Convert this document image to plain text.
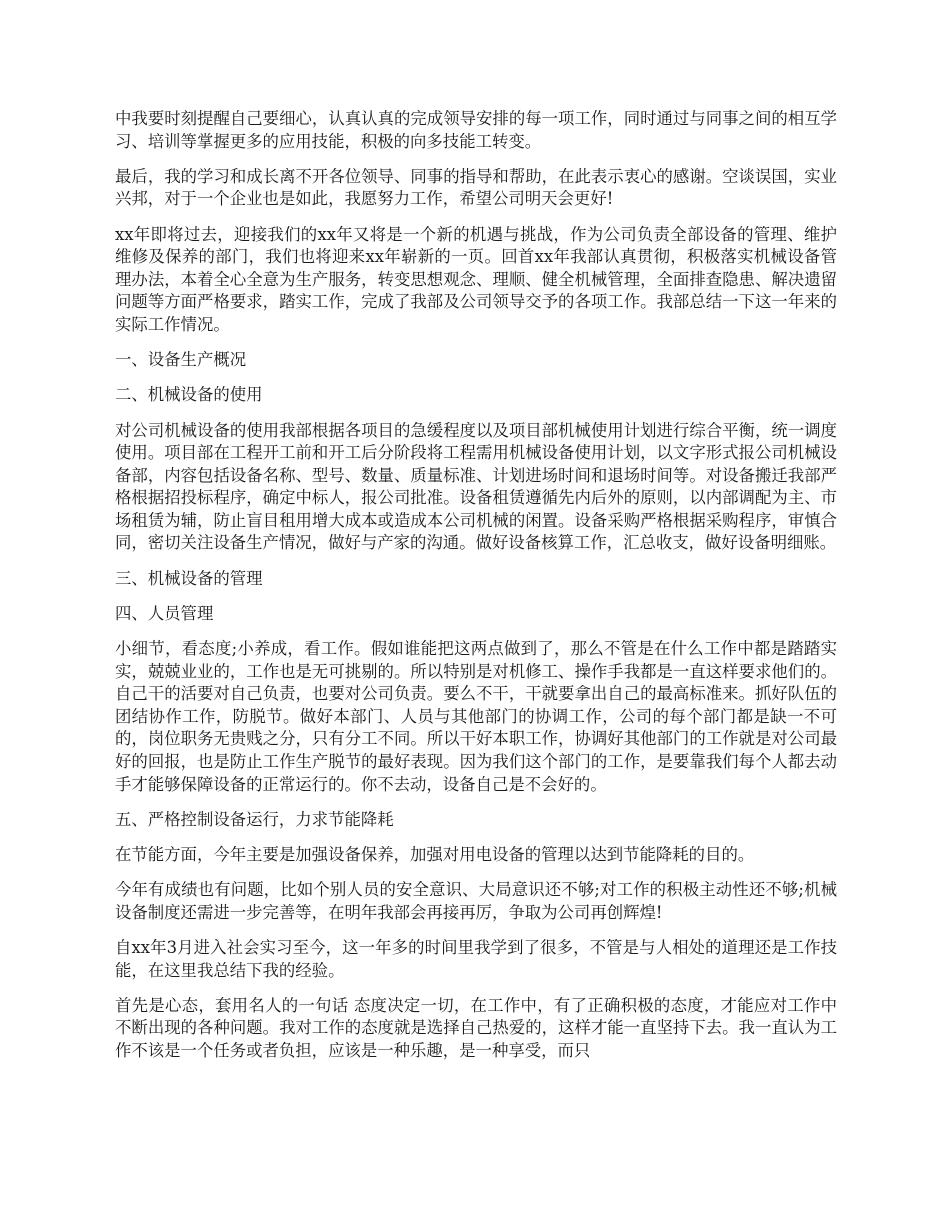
中我要时刻提醒自己要细心，认真认真的完成领导安排的每一项工作，同时通过与同事之间的相互学习、培训等掌握更多的应用技能，积极的向多技能工转变。

最后，我的学习和成长离不开各位领导、同事的指导和帮助，在此表示衷心的感谢。空谈误国，实业兴邦，对于一个企业也是如此，我愿努力工作，希望公司明天会更好!

xx年即将过去，迎接我们的xx年又将是一个新的机遇与挑战，作为公司负责全部设备的管理、维护维修及保养的部门，我们也将迎来xx年崭新的一页。回首xx年我部认真贯彻，积极落实机械设备管理办法，本着全心全意为生产服务，转变思想观念、理顺、健全机械管理，全面排查隐患、解决遗留问题等方面严格要求，踏实工作，完成了我部及公司领导交予的各项工作。我部总结一下这一年来的实际工作情况。

一、设备生产概况

二、机械设备的使用

对公司机械设备的使用我部根据各项目的急缓程度以及项目部机械使用计划进行综合平衡，统一调度使用。项目部在工程开工前和开工后分阶段将工程需用机械设备使用计划，以文字形式报公司机械设备部，内容包括设备名称、型号、数量、质量标准、计划进场时间和退场时间等。对设备搬迁我部严格根据招投标程序，确定中标人，报公司批准。设备租赁遵循先内后外的原则，以内部调配为主、市场租赁为辅，防止盲目租用增大成本或造成本公司机械的闲置。设备采购严格根据采购程序，审慎合同，密切关注设备生产情况，做好与产家的沟通。做好设备核算工作，汇总收支，做好设备明细账。

三、机械设备的管理

四、人员管理

小细节，看态度;小养成，看工作。假如谁能把这两点做到了，那么不管是在什么工作中都是踏踏实实，兢兢业业的，工作也是无可挑剔的。所以特别是对机修工、操作手我都是一直这样要求他们的。自己干的活要对自己负责，也要对公司负责。要么不干，干就要拿出自己的最高标准来。抓好队伍的团结协作工作，防脱节。做好本部门、人员与其他部门的协调工作，公司的每个部门都是缺一不可的，岗位职务无贵贱之分，只有分工不同。所以干好本职工作，协调好其他部门的工作就是对公司最好的回报，也是防止工作生产脱节的最好表现。因为我们这个部门的工作，是要靠我们每个人都去动手才能够保障设备的正常运行的。你不去动，设备自己是不会好的。

五、严格控制设备运行，力求节能降耗

在节能方面，今年主要是加强设备保养，加强对用电设备的管理以达到节能降耗的目的。

今年有成绩也有问题，比如个别人员的安全意识、大局意识还不够;对工作的积极主动性还不够;机械设备制度还需进一步完善等，在明年我部会再接再厉，争取为公司再创辉煌!

自xx年3月进入社会实习至今，这一年多的时间里我学到了很多，不管是与人相处的道理还是工作技能，在这里我总结下我的经验。

首先是心态，套用名人的一句话 态度决定一切，在工作中，有了正确积极的态度，才能应对工作中不断出现的各种问题。我对工作的态度就是选择自己热爱的，这样才能一直坚持下去。我一直认为工作不该是一个任务或者负担，应该是一种乐趣，是一种享受，而只
